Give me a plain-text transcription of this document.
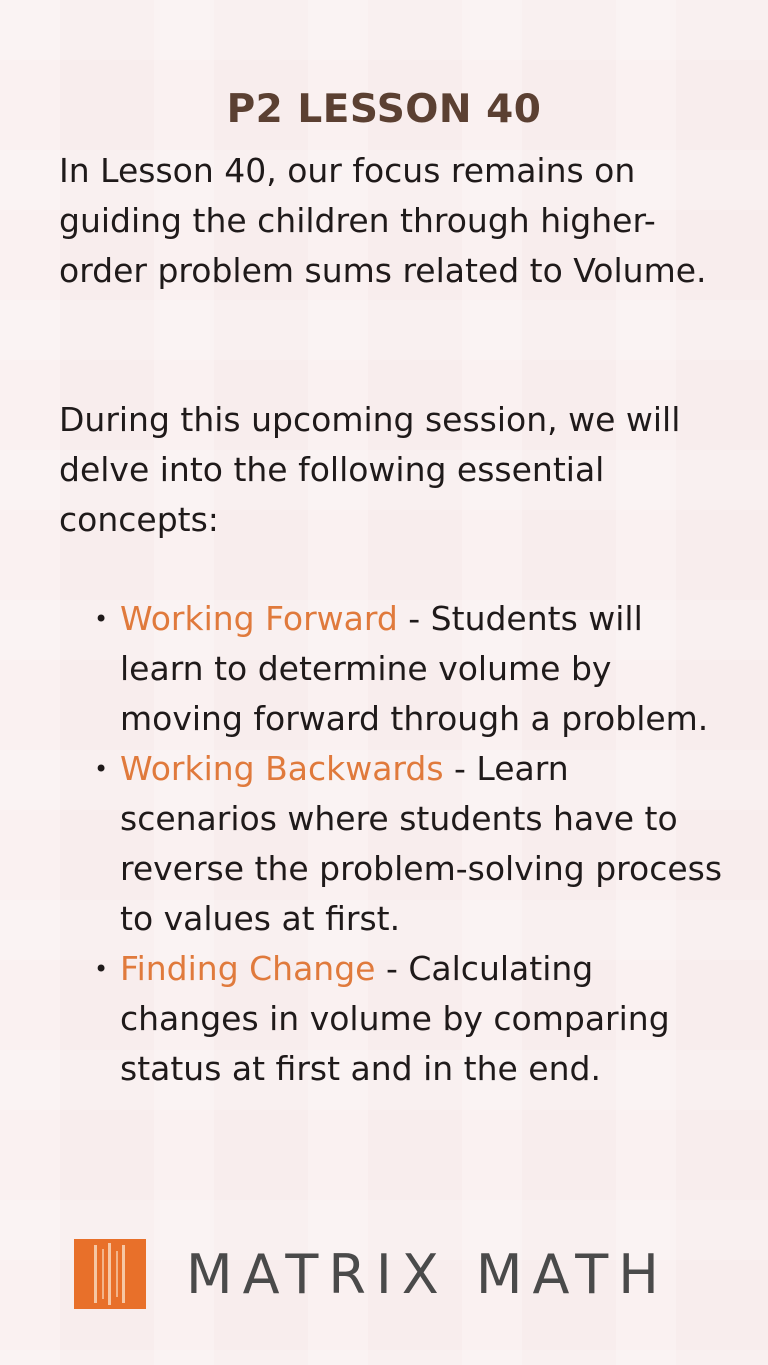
P2 LESSON 40

In Lesson 40, our focus remains on guiding the children through higher-order problem sums related to Volume.

During this upcoming session, we will delve into the following essential concepts:

• Working Forward - Students will learn to determine volume by moving forward through a problem.
• Working Backwards - Learn scenarios where students have to reverse the problem-solving process to values at first.
• Finding Change - Calculating changes in volume by comparing status at first and in the end.
MATRIX MATH
